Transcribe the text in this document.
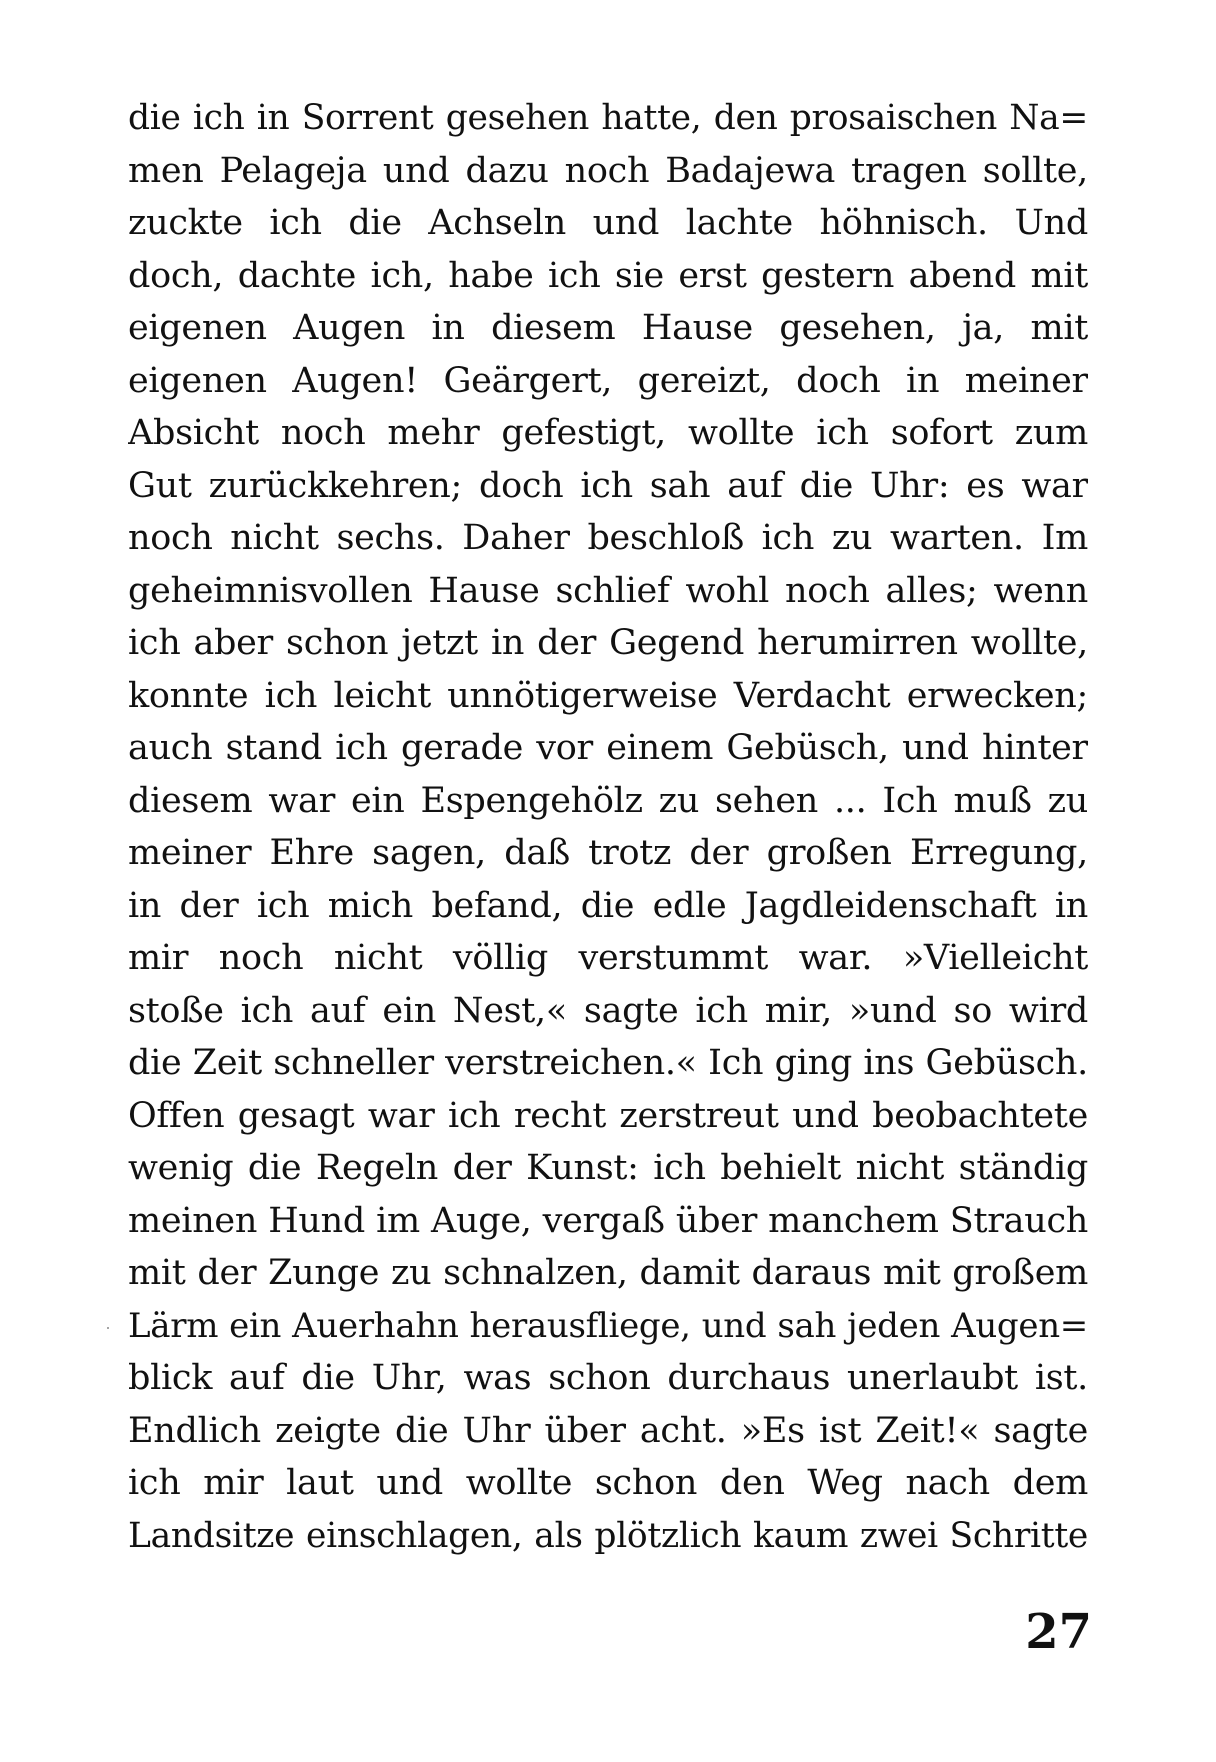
die ich in Sorrent gesehen hatte, den prosaischen Na=
men Pelageja und dazu noch Badajewa tragen sollte,
zuckte ich die Achseln und lachte höhnisch. Und
doch, dachte ich, habe ich sie erst gestern abend mit
eigenen Augen in diesem Hause gesehen, ja, mit
eigenen Augen! Geärgert, gereizt, doch in meiner
Absicht noch mehr gefestigt, wollte ich sofort zum
Gut zurückkehren; doch ich sah auf die Uhr: es war
noch nicht sechs. Daher beschloß ich zu warten. Im
geheimnisvollen Hause schlief wohl noch alles; wenn
ich aber schon jetzt in der Gegend herumirren wollte,
konnte ich leicht unnötigerweise Verdacht erwecken;
auch stand ich gerade vor einem Gebüsch, und hinter
diesem war ein Espengehölz zu sehen ... Ich muß zu
meiner Ehre sagen, daß trotz der großen Erregung,
in der ich mich befand, die edle Jagdleidenschaft in
mir noch nicht völlig verstummt war. »Vielleicht
stoße ich auf ein Nest,« sagte ich mir, »und so wird
die Zeit schneller verstreichen.« Ich ging ins Gebüsch.
Offen gesagt war ich recht zerstreut und beobachtete
wenig die Regeln der Kunst: ich behielt nicht ständig
meinen Hund im Auge, vergaß über manchem Strauch
mit der Zunge zu schnalzen, damit daraus mit großem
Lärm ein Auerhahn herausfliege, und sah jeden Augen=
blick auf die Uhr, was schon durchaus unerlaubt ist.
Endlich zeigte die Uhr über acht. »Es ist Zeit!« sagte
ich mir laut und wollte schon den Weg nach dem
Landsitze einschlagen, als plötzlich kaum zwei Schritte
27
